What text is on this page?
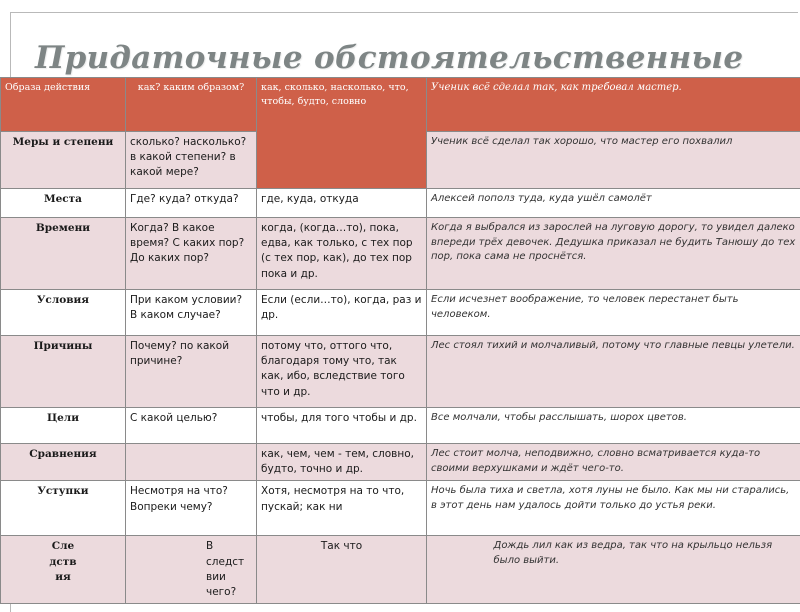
Придаточные обстоятельственные
Образа действия	как? каким образом?	как, сколько, насколько, что, чтобы, будто, словно	Ученик всё сделал так, как требовал мастер.
Меры и степени	сколько? насколько? в какой степени? в какой мере?		Ученик всё сделал так хорошо, что мастер его похвалил
Места	Где? куда? откуда?	где, куда, откуда	Алексей пополз туда, куда ушёл самолёт
Времени	Когда? В какое время? С каких пор? До каких пор?	когда, (когда…то), пока, едва, как только, с тех пор (с тех пор, как), до тех пор пока и др.	Когда я выбрался из зарослей на луговую дорогу, то увидел далеко впереди трёх девочек. Дедушка приказал не будить Танюшу до тех пор, пока сама не проснётся.
Условия	При каком условии? В каком случае?	Если (если…то), когда, раз и др.	Если исчезнет воображение, то человек перестанет быть человеком.
Причины	Почему? по какой причине?	потому что, оттого что, благодаря тому что, так как, ибо, вследствие того что и др.	Лес стоял тихий и молчаливый, потому что главные певцы улетели.
Цели	С какой целью?	чтобы, для того чтобы и др.	Все молчали, чтобы расслышать, шорох цветов.
Сравнения		как, чем, чем - тем, словно, будто, точно и др.	Лес стоит молча, неподвижно, словно всматривается куда-то своими верхушками и ждёт чего-то.
Уступки	Несмотря на что? Вопреки чему?	Хотя, несмотря на то что, пускай; как ни	Ночь была тиха и светла, хотя луны не было. Как мы ни старались, в этот день нам удалось дойти только до устья реки.
Сле дств ия	В следст вии чего?	Так что	Дождь лил как из ведра, так что на крыльцо нельзя было выйти.
